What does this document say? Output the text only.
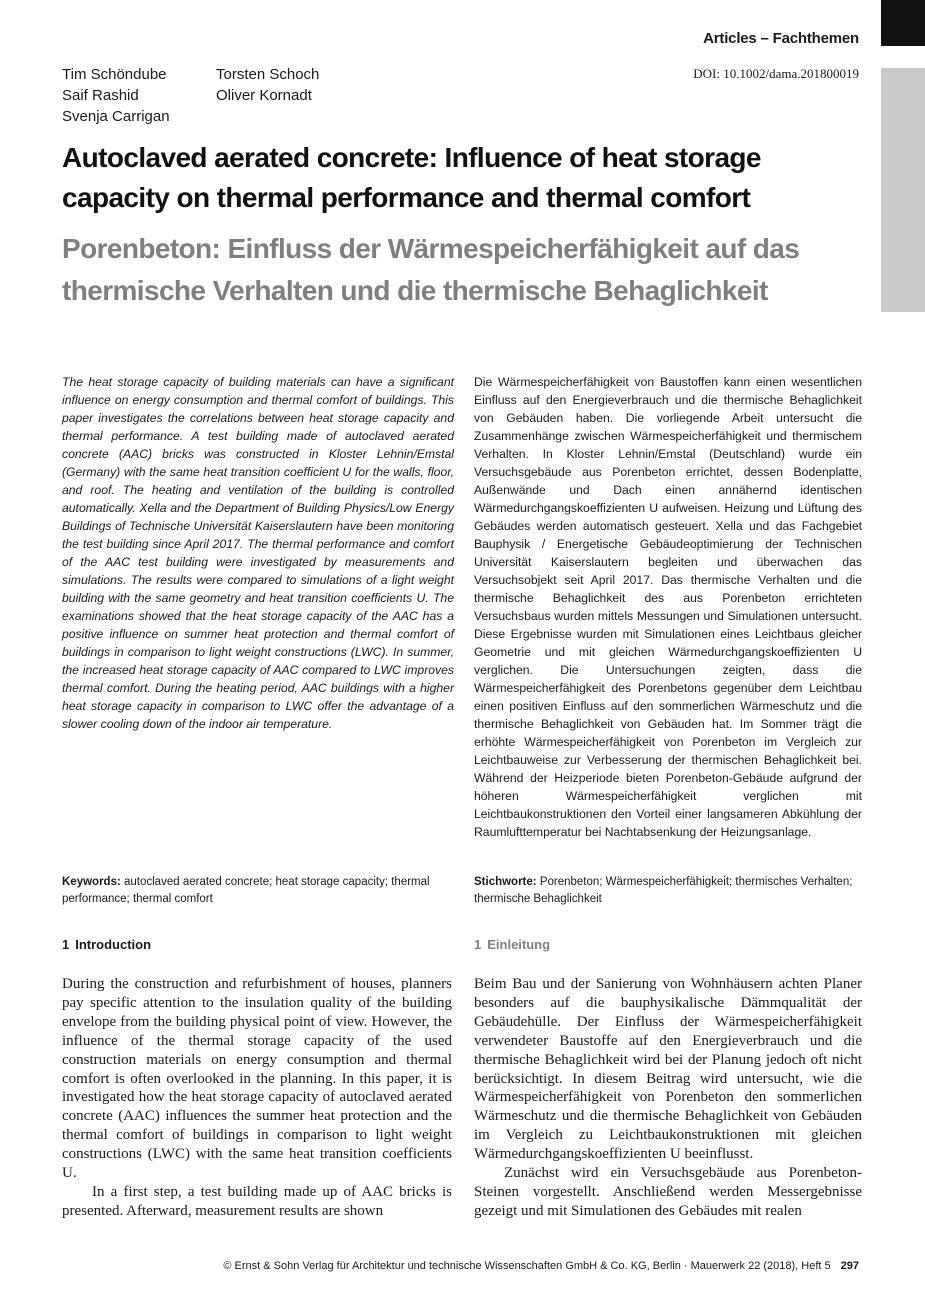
Articles – Fachthemen
DOI: 10.1002/dama.201800019
Tim Schöndube
Saif Rashid
Svenja Carrigan
Torsten Schoch
Oliver Kornadt
Autoclaved aerated concrete: Influence of heat storage capacity on thermal performance and thermal comfort
Porenbeton: Einfluss der Wärmespeicherfähigkeit auf das thermische Verhalten und die thermische Behaglichkeit
The heat storage capacity of building materials can have a significant influence on energy consumption and thermal comfort of buildings. This paper investigates the correlations between heat storage capacity and thermal performance. A test building made of autoclaved aerated concrete (AAC) bricks was constructed in Kloster Lehnin/Emstal (Germany) with the same heat transition coefficient U for the walls, floor, and roof. The heating and ventilation of the building is controlled automatically. Xella and the Department of Building Physics/Low Energy Buildings of Technische Universität Kaiserslautern have been monitoring the test building since April 2017. The thermal performance and comfort of the AAC test building were investigated by measurements and simulations. The results were compared to simulations of a light weight building with the same geometry and heat transition coefficients U. The examinations showed that the heat storage capacity of the AAC has a positive influence on summer heat protection and thermal comfort of buildings in comparison to light weight constructions (LWC). In summer, the increased heat storage capacity of AAC compared to LWC improves thermal comfort. During the heating period, AAC buildings with a higher heat storage capacity in comparison to LWC offer the advantage of a slower cooling down of the indoor air temperature.
Die Wärmespeicherfähigkeit von Baustoffen kann einen wesentlichen Einfluss auf den Energieverbrauch und die thermische Behaglichkeit von Gebäuden haben. Die vorliegende Arbeit untersucht die Zusammenhänge zwischen Wärmespeicherfähigkeit und thermischem Verhalten. In Kloster Lehnin/Emstal (Deutschland) wurde ein Versuchsgebäude aus Porenbeton errichtet, dessen Bodenplatte, Außenwände und Dach einen annähernd identischen Wärmedurchgangskoeffizienten U aufweisen. Heizung und Lüftung des Gebäudes werden automatisch gesteuert. Xella und das Fachgebiet Bauphysik / Energetische Gebäudeoptimierung der Technischen Universität Kaiserslautern begleiten und überwachen das Versuchsobjekt seit April 2017. Das thermische Verhalten und die thermische Behaglichkeit des aus Porenbeton errichteten Versuchsbaus wurden mittels Messungen und Simulationen untersucht. Diese Ergebnisse wurden mit Simulationen eines Leichtbaus gleicher Geometrie und mit gleichen Wärmedurchgangskoeffizienten U verglichen. Die Untersuchungen zeigten, dass die Wärmespeicherfähigkeit des Porenbetons gegenüber dem Leichtbau einen positiven Einfluss auf den sommerlichen Wärmeschutz und die thermische Behaglichkeit von Gebäuden hat. Im Sommer trägt die erhöhte Wärmespeicherfähigkeit von Porenbeton im Vergleich zur Leichtbauweise zur Verbesserung der thermischen Behaglichkeit bei. Während der Heizperiode bieten Porenbeton-Gebäude aufgrund der höheren Wärmespeicherfähigkeit verglichen mit Leichtbaukonstruktionen den Vorteil einer langsameren Abkühlung der Raumlufttemperatur bei Nachtabsenkung der Heizungsanlage.
Keywords: autoclaved aerated concrete; heat storage capacity; thermal performance; thermal comfort
Stichworte: Porenbeton; Wärmespeicherfähigkeit; thermisches Verhalten; thermische Behaglichkeit
1 Introduction	1 Einleitung

During the construction and refurbishment of houses, planners pay specific attention to the insulation quality of the building envelope from the building physical point of view. However, the influence of the thermal storage capacity of the used construction materials on energy consumption and thermal comfort is often overlooked in the planning. In this paper, it is investigated how the heat storage capacity of autoclaved aerated concrete (AAC) influences the summer heat protection and the thermal comfort of buildings in comparison to light weight constructions (LWC) with the same heat transition coefficients U.

In a first step, a test building made up of AAC bricks is presented. Afterward, measurement results are shown

Beim Bau und der Sanierung von Wohnhäusern achten Planer besonders auf die bauphysikalische Dämmqualität der Gebäudehülle. Der Einfluss der Wärmespeicherfähigkeit verwendeter Baustoffe auf den Energieverbrauch und die thermische Behaglichkeit wird bei der Planung jedoch oft nicht berücksichtigt. In diesem Beitrag wird untersucht, wie die Wärmespeicherfähigkeit von Porenbeton den sommerlichen Wärmeschutz und die thermische Behaglichkeit von Gebäuden im Vergleich zu Leichtbaukonstruktionen mit gleichen Wärmedurchgangskoeffizienten U beeinflusst.

Zunächst wird ein Versuchsgebäude aus Porenbeton-Steinen vorgestellt. Anschließend werden Messergebnisse gezeigt und mit Simulationen des Gebäudes mit realen

© Ernst & Sohn Verlag für Architektur und technische Wissenschaften GmbH & Co. KG, Berlin · Mauerwerk 22 (2018), Heft 5 297
